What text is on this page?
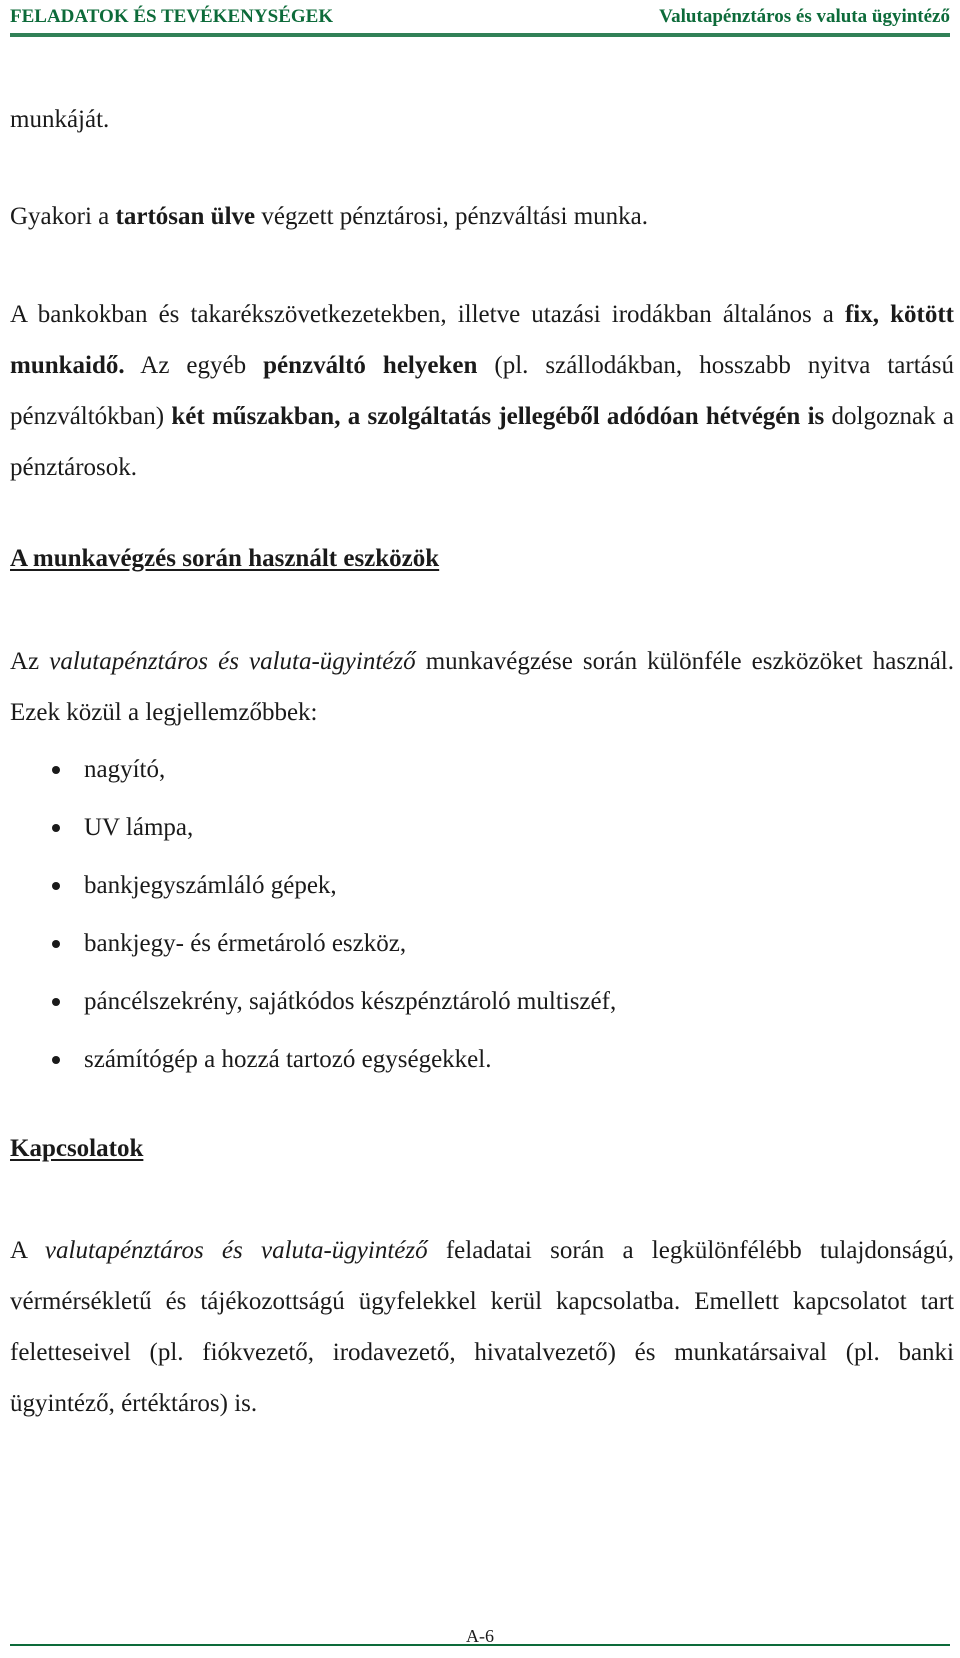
FELADATOK ÉS TEVÉKENYSÉGEK	Valutapénztáros és valuta ügyintéző
munkáját.
Gyakori a tartósan ülve végzett pénztárosi, pénzváltási munka.
A bankokban és takarékszövetkezetekben, illetve utazási irodákban általános a fix, kötött munkaidő. Az egyéb pénzváltó helyeken (pl. szállodákban, hosszabb nyitva tartású pénzváltókban) két műszakban, a szolgáltatás jellegéből adódóan hétvégén is dolgoznak a pénztárosok.
A munkavégzés során használt eszközök
Az valutapénztáros és valuta-ügyintéző munkavégzése során különféle eszközöket használ. Ezek közül a legjellemzőbbek:
nagyító,
UV lámpa,
bankjegyszámláló gépek,
bankjegy- és érmetároló eszköz,
páncélszekrény, sajátkódos készpénztároló multiszéf,
számítógép a hozzá tartozó egységekkel.
Kapcsolatok
A valutapénztáros és valuta-ügyintéző feladatai során a legkülönfélébb tulajdonságú, vérmérsékletű és tájékozottságú ügyfelekkel kerül kapcsolatba. Emellett kapcsolatot tart feletteseivel (pl. fiókvezető, irodavezető, hivatalvezető) és munkatársaival (pl. banki ügyintéző, értéktáros) is.
A-6
